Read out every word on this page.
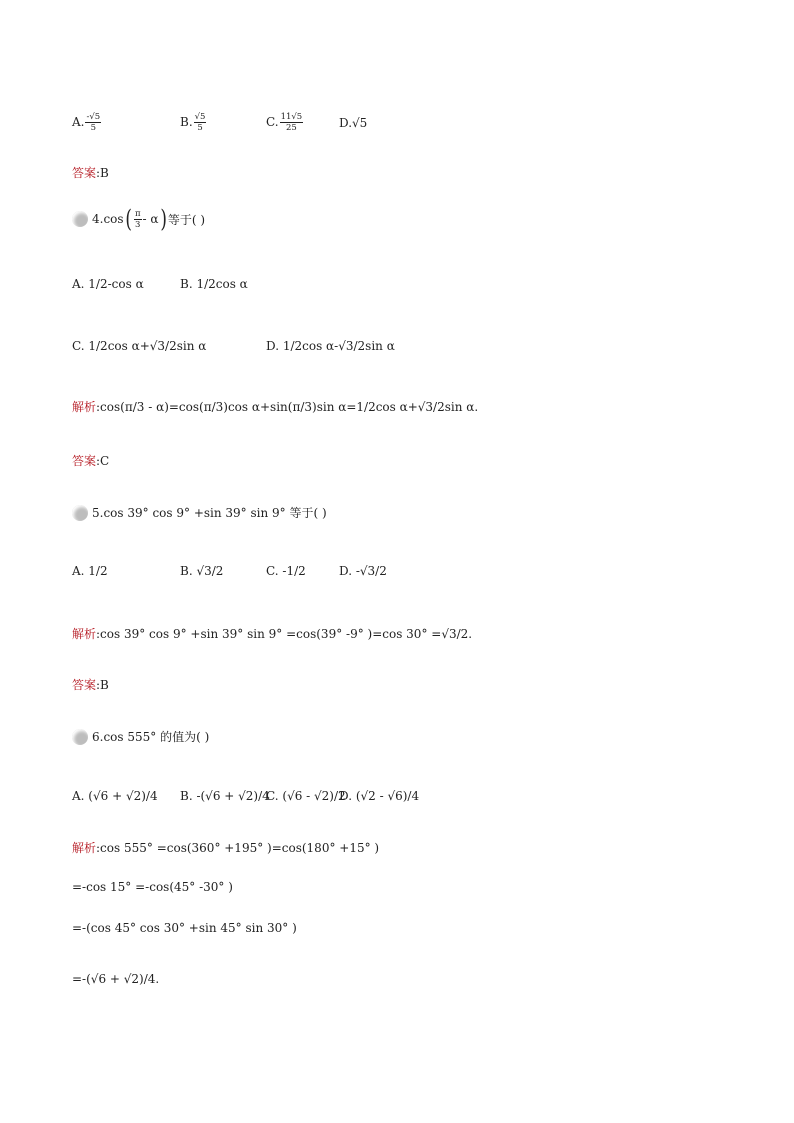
A. $\frac{-√5}{5}$	B. $\frac{√5}{5}$	C. $\frac{11√5}{25}$	D.√5
答案 :B
4. cos ( $\frac{\pi}{3}$ - α ) 等于( )
A. 1/2-cos α	B. 1/2cos α
C. 1/2cos α+√3/2sin α	D. 1/2cos α-√3/2sin α
解析 :cos(π/3 - α)=cos(π/3)cos α+sin(π/3)sin α=1/2cos α+√3/2sin α.
答案 :C
5. cos 39° cos 9° +sin 39° sin 9° 等于( )
A. 1/2	B. √3/2	C. -1/2	D. -√3/2
解析 :cos 39° cos 9° +sin 39° sin 9° =cos(39° -9° )=cos 30° =√3/2.
答案 :B
6. cos 555° 的值为( )
A. (√6 + √2)/4	B. -(√6 + √2)/4
C. (√6 - √2)/2
D. (√2 - √6)/4
解析 :cos 555° =cos(360° +195° )=cos(180° +15° )
=-cos 15° =-cos(45° -30° )
=-(cos 45° cos 30° +sin 45° sin 30° )
=-(√6 + √2)/4.
